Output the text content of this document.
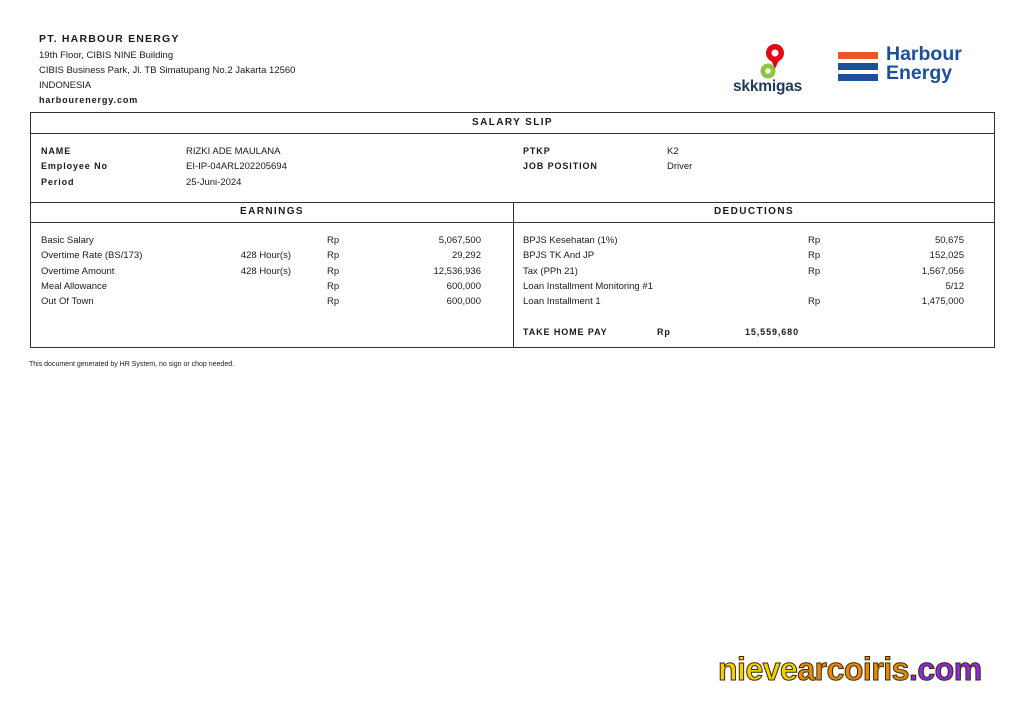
PT. HARBOUR ENERGY
19th Floor, CIBIS NINE Building
CIBIS Business Park, Jl. TB Simatupang No.2 Jakarta 12560
INDONESIA
harbourenergy.com
skkmigas
Harbour
Energy
SALARY SLIP
NAME	RIZKI ADE MAULANA
Employee No	EI-IP-04ARL202205694
Period	25-Juni-2024
PTKP	K2
JOB POSITION	Driver
EARNINGS	DEDUCTIONS
Basic Salary	Rp	5,067,500
Overtime Rate (BS/173)	428 Hour(s)	Rp	29,292
Overtime Amount	428 Hour(s)	Rp	12,536,936
Meal Allowance	Rp	600,000
Out Of Town	Rp	600,000
BPJS Kesehatan (1%)	Rp	50,675
BPJS TK And JP	Rp	152,025
Tax (PPh 21)	Rp	1,567,056
Loan Installment Monitoring #1	5/12
Loan Installment 1	Rp	1,475,000
TAKE HOME PAY	Rp	15,559,680
This document generated by HR System, no sign or chop needed.
nievearcoiris.com
